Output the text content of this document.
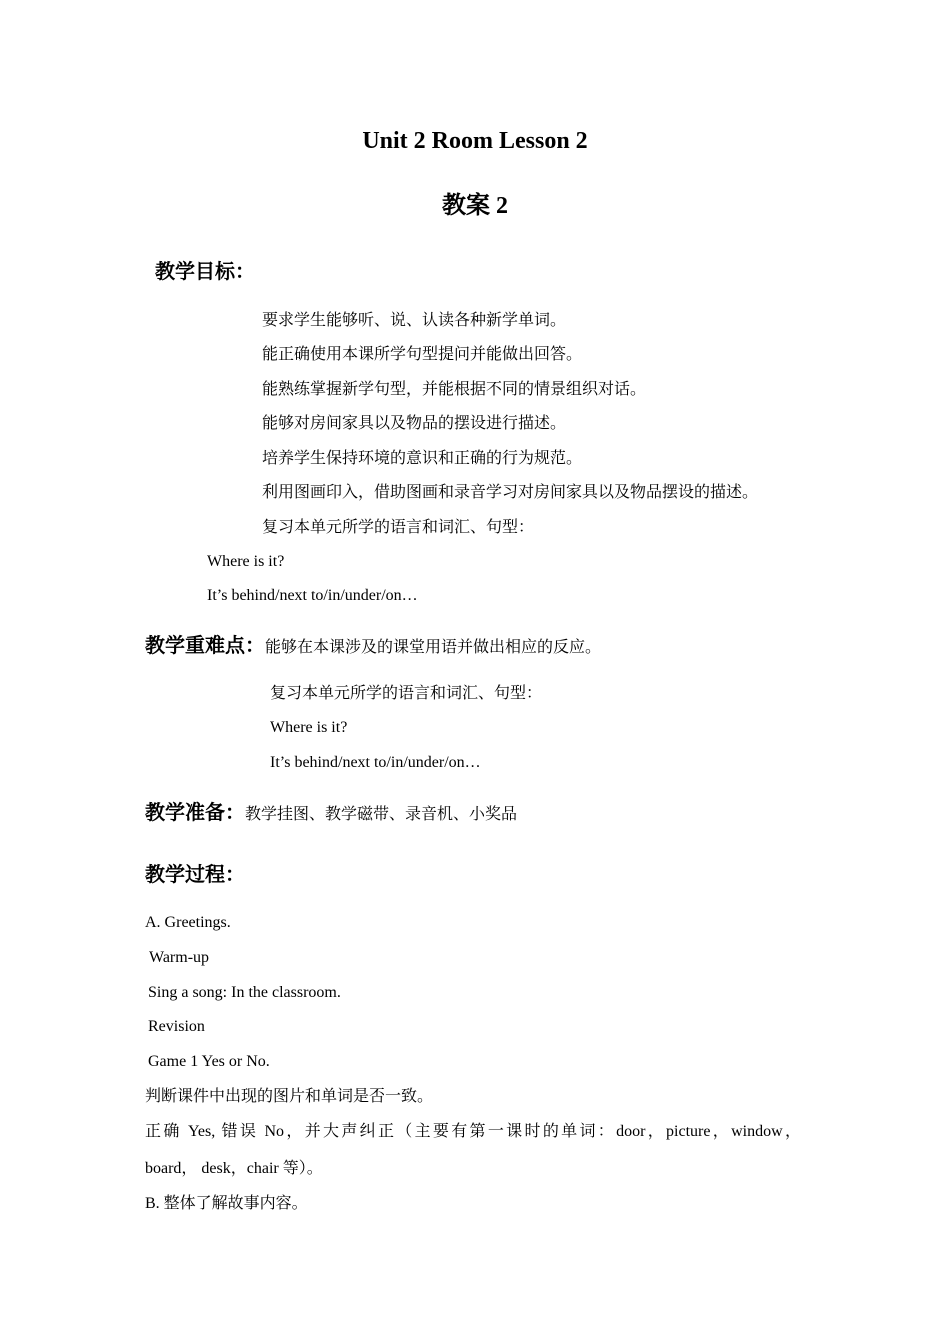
Unit 2 Room Lesson 2
教案 2
教学目标：
要求学生能够听、说、认读各种新学单词。
能正确使用本课所学句型提问并能做出回答。
能熟练掌握新学句型，并能根据不同的情景组织对话。
能够对房间家具以及物品的摆设进行描述。
培养学生保持环境的意识和正确的行为规范。
利用图画印入，借助图画和录音学习对房间家具以及物品摆设的描述。
复习本单元所学的语言和词汇、句型：
Where is it?
It’s behind/next to/in/under/on…
教学重难点：能够在本课涉及的课堂用语并做出相应的反应。
复习本单元所学的语言和词汇、句型：
Where is it?
It’s behind/next to/in/under/on…
教学准备：教学挂图、教学磁带、录音机、小奖品
教学过程：
A. Greetings.
Warm-up
Sing a song: In the classroom.
Revision
Game 1 Yes or No.
判断课件中出现的图片和单词是否一致。
正确 Yes, 错误 No，并大声纠正（主要有第一课时的单词：door，picture，window，
board， desk，chair 等）。
B. 整体了解故事内容。
